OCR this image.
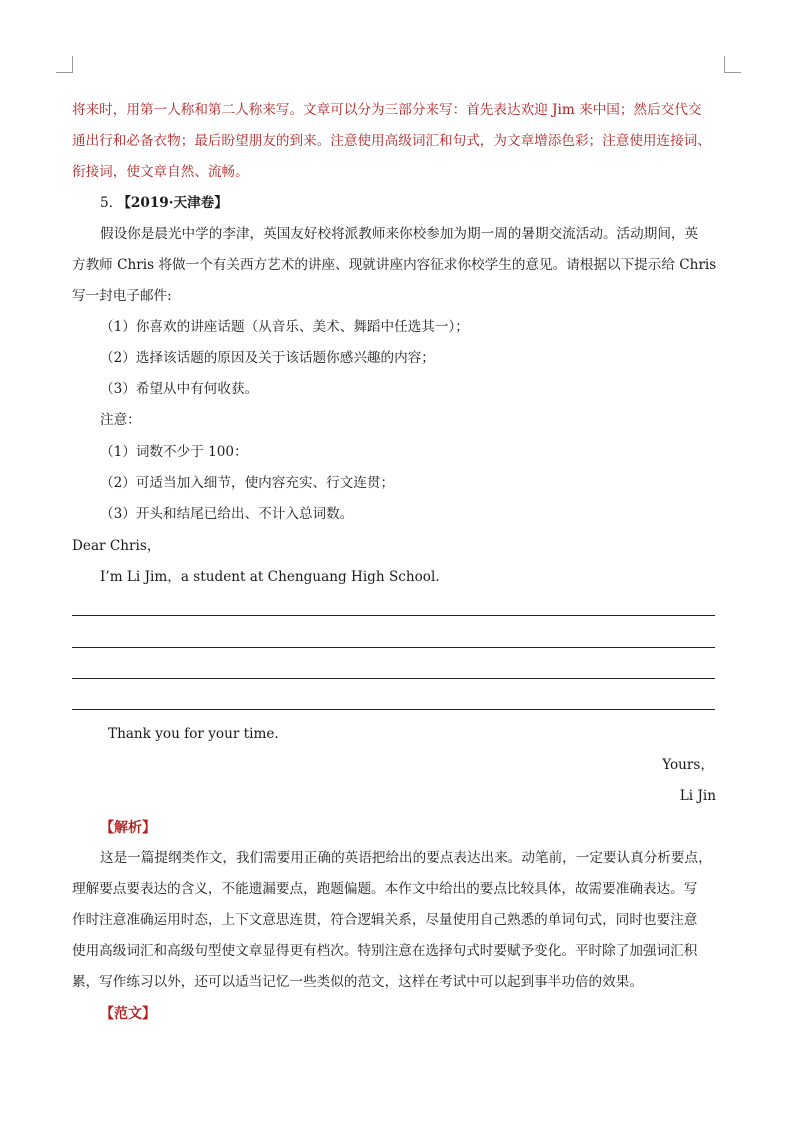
将来时，用第一人称和第二人称来写。文章可以分为三部分来写：首先表达欢迎 Jim 来中国；然后交代交
通出行和必备衣物；最后盼望朋友的到来。注意使用高级词汇和句式，为文章增添色彩；注意使用连接词、
衔接词，使文章自然、流畅。
5. 【2019·天津卷】
假设你是晨光中学的李津，英国友好校将派教师来你校参加为期一周的暑期交流活动。活动期间，英
方教师 Chris 将做一个有关西方艺术的讲座、现就讲座内容征求你校学生的意见。请根据以下提示给 Chris
写一封电子邮件:
（1）你喜欢的讲座话题（从音乐、美术、舞蹈中任选其一）；
（2）选择该话题的原因及关于该话题你感兴趣的内容；
（3）希望从中有何收获。
注意：
（1）词数不少于 100：
（2）可适当加入细节，使内容充实、行文连贯；
（3）开头和结尾已给出、不计入总词数。
Dear Chris，
I’m Li Jim，a student at Chenguang High School.
Thank you for your time.
Yours，
Li Jin
【解析】
这是一篇提纲类作文，我们需要用正确的英语把给出的要点表达出来。动笔前，一定要认真分析要点，
理解要点要表达的含义，不能遗漏要点，跑题偏题。本作文中给出的要点比较具体，故需要准确表达。写
作时注意准确运用时态，上下文意思连贯，符合逻辑关系，尽量使用自己熟悉的单词句式，同时也要注意
使用高级词汇和高级句型使文章显得更有档次。特别注意在选择句式时要赋予变化。平时除了加强词汇积
累，写作练习以外，还可以适当记忆一些类似的范文，这样在考试中可以起到事半功倍的效果。
【范文】
